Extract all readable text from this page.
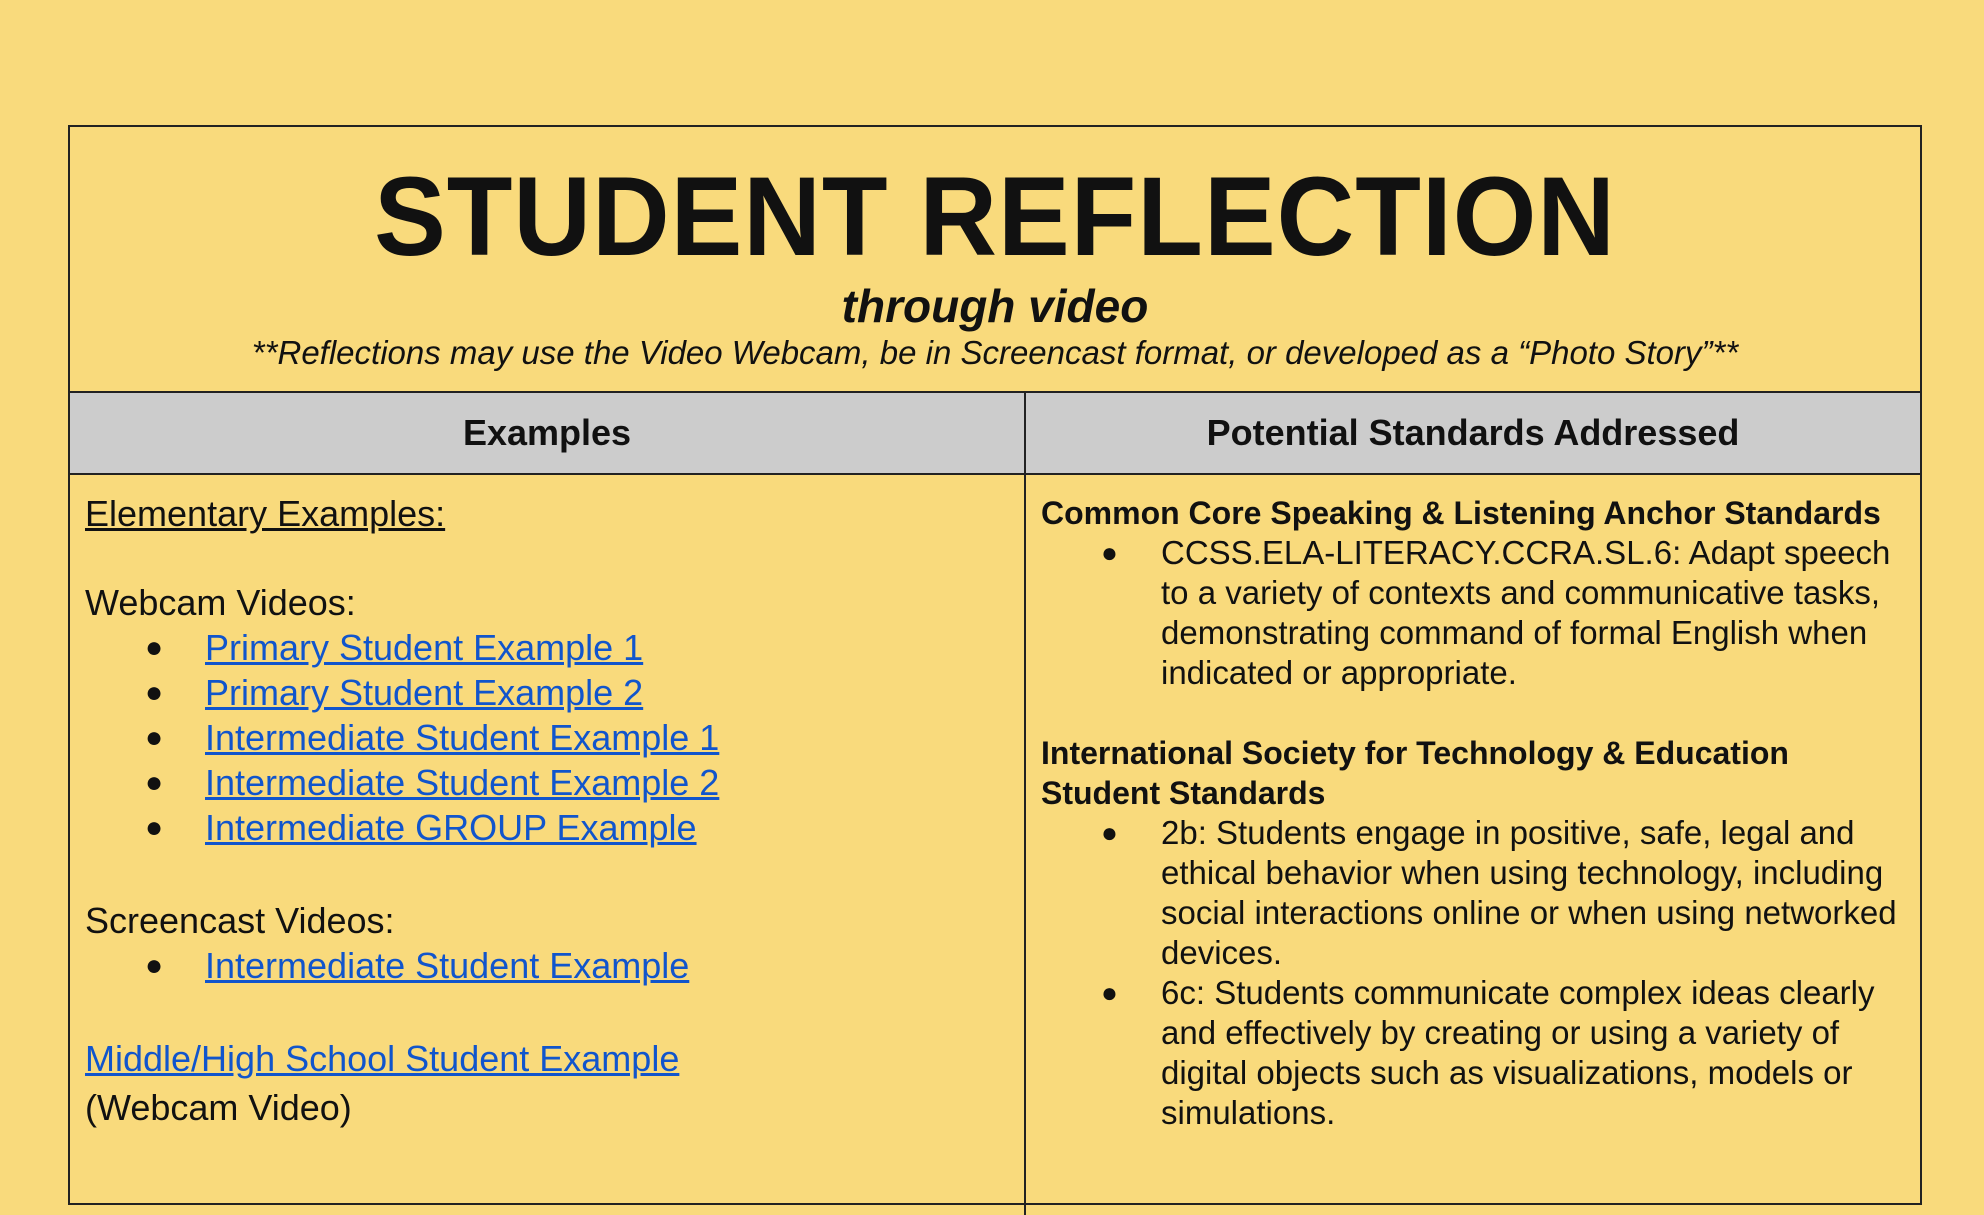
STUDENT REFLECTION
through video
**Reflections may use the Video Webcam, be in Screencast format, or developed as a “Photo Story”**
Examples	Potential Standards Addressed
Elementary Examples:
Webcam Videos:
● Primary Student Example 1
● Primary Student Example 2
● Intermediate Student Example 1
● Intermediate Student Example 2
● Intermediate GROUP Example
Screencast Videos:
● Intermediate Student Example
Middle/High School Student Example
(Webcam Video)
Common Core Speaking & Listening Anchor Standards
● CCSS.ELA-LITERACY.CCRA.SL.6: Adapt speech to a variety of contexts and communicative tasks, demonstrating command of formal English when indicated or appropriate.
International Society for Technology & Education Student Standards
● 2b: Students engage in positive, safe, legal and ethical behavior when using technology, including social interactions online or when using networked devices.
● 6c: Students communicate complex ideas clearly and effectively by creating or using a variety of digital objects such as visualizations, models or simulations.
